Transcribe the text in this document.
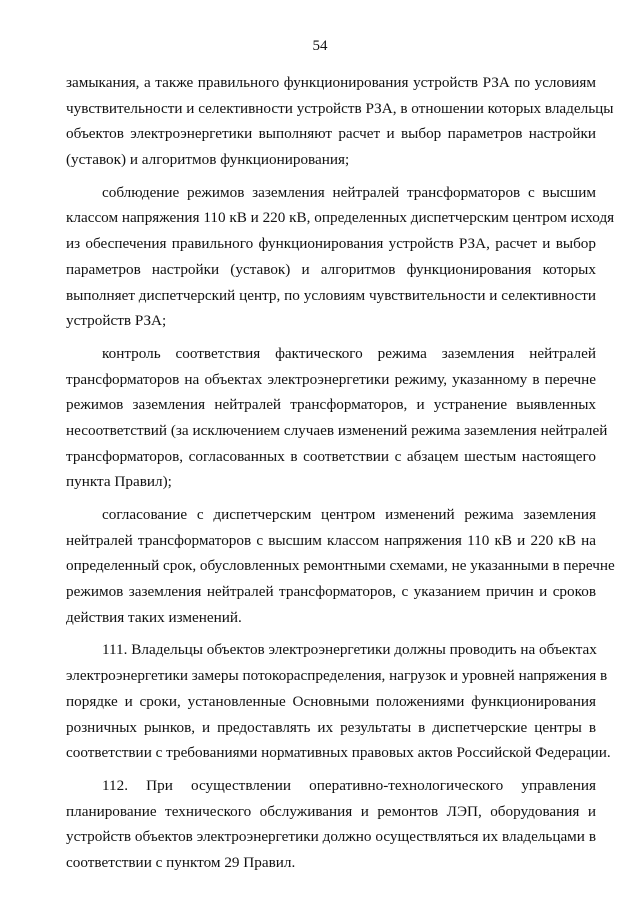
54
замыкания, а также правильного функционирования устройств РЗА по условиям
чувствительности и селективности устройств РЗА, в отношении которых владельцы
объектов электроэнергетики выполняют расчет и выбор параметров настройки
(уставок) и алгоритмов функционирования;
соблюдение режимов заземления нейтралей трансформаторов с высшим
классом напряжения 110 кВ и 220 кВ, определенных диспетчерским центром исходя
из обеспечения правильного функционирования устройств РЗА, расчет и выбор
параметров настройки (уставок) и алгоритмов функционирования которых
выполняет диспетчерский центр, по условиям чувствительности и селективности
устройств РЗА;
контроль соответствия фактического режима заземления нейтралей
трансформаторов на объектах электроэнергетики режиму, указанному в перечне
режимов заземления нейтралей трансформаторов, и устранение выявленных
несоответствий (за исключением случаев изменений режима заземления нейтралей
трансформаторов, согласованных в соответствии с абзацем шестым настоящего
пункта Правил);
согласование с диспетчерским центром изменений режима заземления
нейтралей трансформаторов с высшим классом напряжения 110 кВ и 220 кВ на
определенный срок, обусловленных ремонтными схемами, не указанными в перечне
режимов заземления нейтралей трансформаторов, с указанием причин и сроков
действия таких изменений.
111. Владельцы объектов электроэнергетики должны проводить на объектах
электроэнергетики замеры потокораспределения, нагрузок и уровней напряжения в
порядке и сроки, установленные Основными положениями функционирования
розничных рынков, и предоставлять их результаты в диспетчерские центры в
соответствии с требованиями нормативных правовых актов Российской Федерации.
112. При осуществлении оперативно-технологического управления
планирование технического обслуживания и ремонтов ЛЭП, оборудования и
устройств объектов электроэнергетики должно осуществляться их владельцами в
соответствии с пунктом 29 Правил.
